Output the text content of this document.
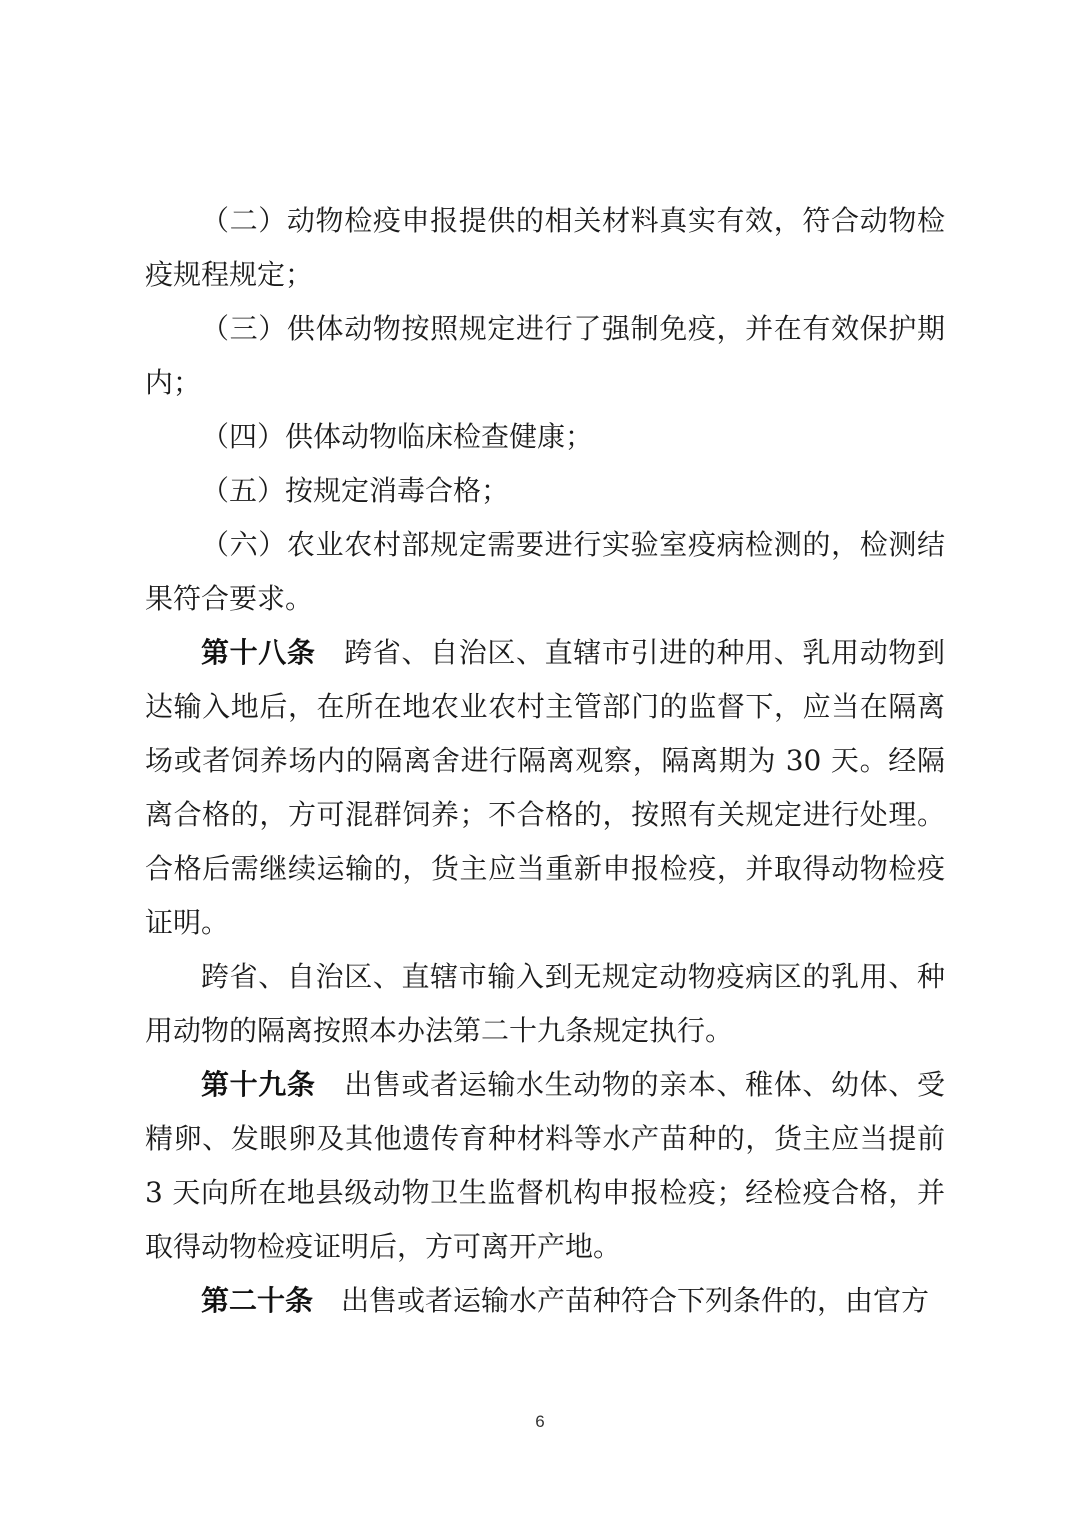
（二）动物检疫申报提供的相关材料真实有效，符合动物检疫规程规定；

（三）供体动物按照规定进行了强制免疫，并在有效保护期内；

（四）供体动物临床检查健康；

（五）按规定消毒合格；

（六）农业农村部规定需要进行实验室疫病检测的，检测结果符合要求。

第十八条 跨省、自治区、直辖市引进的种用、乳用动物到达输入地后，在所在地农业农村主管部门的监督下，应当在隔离场或者饲养场内的隔离舍进行隔离观察，隔离期为 30 天。经隔离合格的，方可混群饲养；不合格的，按照有关规定进行处理。合格后需继续运输的，货主应当重新申报检疫，并取得动物检疫证明。

跨省、自治区、直辖市输入到无规定动物疫病区的乳用、种用动物的隔离按照本办法第二十九条规定执行。

第十九条 出售或者运输水生动物的亲本、稚体、幼体、受精卵、发眼卵及其他遗传育种材料等水产苗种的，货主应当提前 3 天向所在地县级动物卫生监督机构申报检疫；经检疫合格，并取得动物检疫证明后，方可离开产地。

第二十条 出售或者运输水产苗种符合下列条件的，由官方

6
